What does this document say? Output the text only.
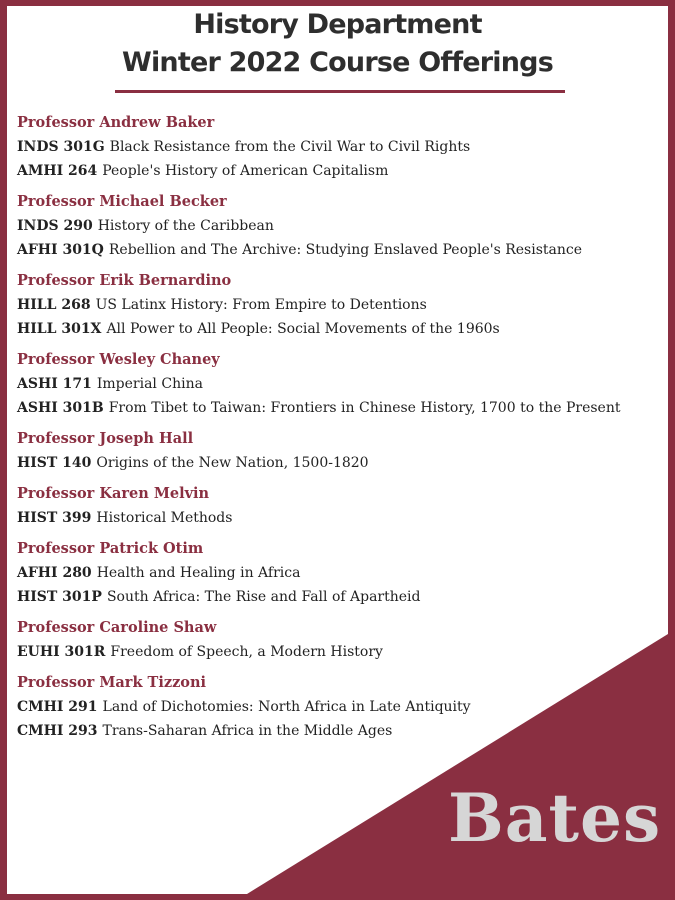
History Department
Winter 2022 Course Offerings
Professor Andrew Baker
INDS 301G Black Resistance from the Civil War to Civil Rights
AMHI 264 People's History of American Capitalism
Professor Michael Becker
INDS 290 History of the Caribbean
AFHI 301Q Rebellion and The Archive: Studying Enslaved People's Resistance
Professor Erik Bernardino
HILL 268 US Latinx History: From Empire to Detentions
HILL 301X All Power to All People: Social Movements of the 1960s
Professor Wesley Chaney
ASHI 171 Imperial China
ASHI 301B From Tibet to Taiwan: Frontiers in Chinese History, 1700 to the Present
Professor Joseph Hall
HIST 140 Origins of the New Nation, 1500-1820
Professor Karen Melvin
HIST 399 Historical Methods
Professor Patrick Otim
AFHI 280 Health and Healing in Africa
HIST 301P South Africa: The Rise and Fall of Apartheid
Professor Caroline Shaw
EUHI 301R Freedom of Speech, a Modern History
Professor Mark Tizzoni
CMHI 291 Land of Dichotomies: North Africa in Late Antiquity
CMHI 293 Trans-Saharan Africa in the Middle Ages
Bates
